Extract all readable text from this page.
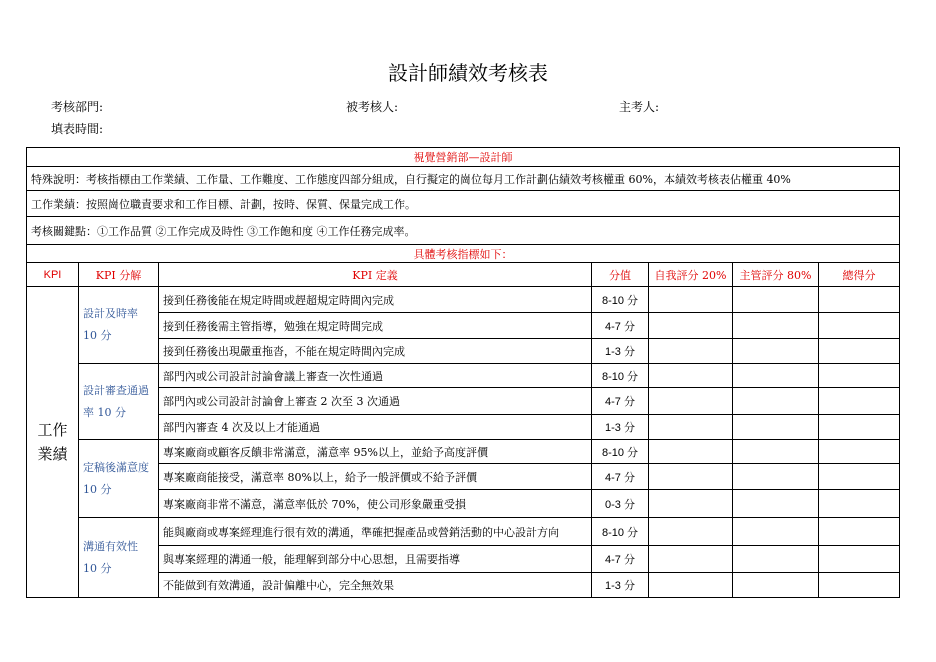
設計師績效考核表
考核部門:	被考核人:	主考人:
填表時間:
視覺營銷部—設計師						
特殊說明：考核指標由工作業績、工作量、工作難度、工作態度四部分組成，自行擬定的崗位每月工作計劃佔績效考核權重 60%，本績效考核表佔權重 40%						
工作業績：按照崗位職責要求和工作目標、計劃，按時、保質、保量完成工作。						
考核關鍵點：①工作品質 ②工作完成及時性 ③工作飽和度 ④工作任務完成率。						
具體考核指標如下：						
KPI	KPI 分解	KPI 定義	分值	自我評分 20%	主管評分 80%	總得分
工作業績	設計及時率 10 分	接到任務後能在規定時間或趕超規定時間內完成	8-10 分			
		接到任務後需主管指導，勉強在規定時間完成	4-7 分			
		接到任務後出現嚴重拖沓，不能在規定時間內完成	1-3 分			
	設計審查通過率 10 分	部門內或公司設計討論會議上審查一次性通過	8-10 分			
		部門內或公司設計討論會上審查 2 次至 3 次通過	4-7 分			
		部門內審查 4 次及以上才能通過	1-3 分			
	定稿後滿意度 10 分	專案廠商或顧客反饋非常滿意，滿意率 95%以上，並給予高度評價	8-10 分			
		專案廠商能接受，滿意率 80%以上，給予一般評價或不給予評價	4-7 分			
		專案廠商非常不滿意，滿意率低於 70%，使公司形象嚴重受損	0-3 分			
	溝通有效性 10 分	能與廠商或專案經理進行很有效的溝通，準確把握產品或營銷活動的中心設計方向	8-10 分			
		與專案經理的溝通一般，能理解到部分中心思想，且需要指導	4-7 分			
		不能做到有效溝通，設計偏離中心，完全無效果	1-3 分			
